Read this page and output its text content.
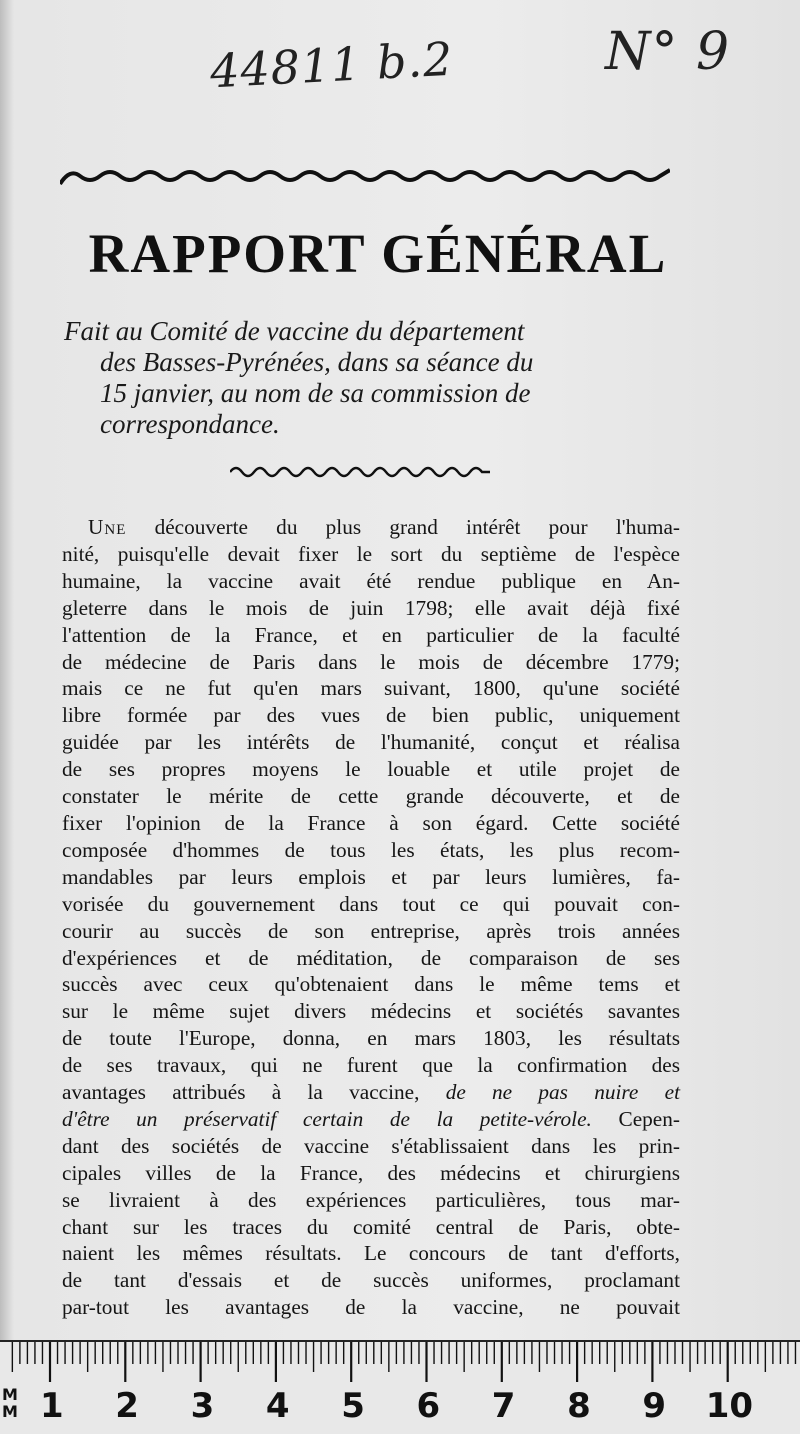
44811 b.2	N° 9
RAPPORT GÉNÉRAL
Fait au Comité de vaccine du département
des Basses-Pyrénées, dans sa séance du
15 janvier, au nom de sa commission de
correspondance.
Une découverte du plus grand intérêt pour l'huma-
nité, puisqu'elle devait fixer le sort du septième de l'espèce
humaine, la vaccine avait été rendue publique en An-
gleterre dans le mois de juin 1798; elle avait déjà fixé
l'attention de la France, et en particulier de la faculté
de médecine de Paris dans le mois de décembre 1779;
mais ce ne fut qu'en mars suivant, 1800, qu'une société
libre formée par des vues de bien public, uniquement
guidée par les intérêts de l'humanité, conçut et réalisa
de ses propres moyens le louable et utile projet de
constater le mérite de cette grande découverte, et de
fixer l'opinion de la France à son égard. Cette société
composée d'hommes de tous les états, les plus recom-
mandables par leurs emplois et par leurs lumières, fa-
vorisée du gouvernement dans tout ce qui pouvait con-
courir au succès de son entreprise, après trois années
d'expériences et de méditation, de comparaison de ses
succès avec ceux qu'obtenaient dans le même tems et
sur le même sujet divers médecins et sociétés savantes
de toute l'Europe, donna, en mars 1803, les résultats
de ses travaux, qui ne furent que la confirmation des
avantages attribués à la vaccine, de ne pas nuire et
d'être un préservatif certain de la petite-vérole. Cepen-
dant des sociétés de vaccine s'établissaient dans les prin-
cipales villes de la France, des médecins et chirurgiens
se livraient à des expériences particulières, tous mar-
chant sur les traces du comité central de Paris, obte-
naient les mêmes résultats. Le concours de tant d'efforts,
de tant d'essais et de succès uniformes, proclamant
par-tout les avantages de la vaccine, ne pouvait
M
M 1 2 3 4 5 6 7 8 9 10
